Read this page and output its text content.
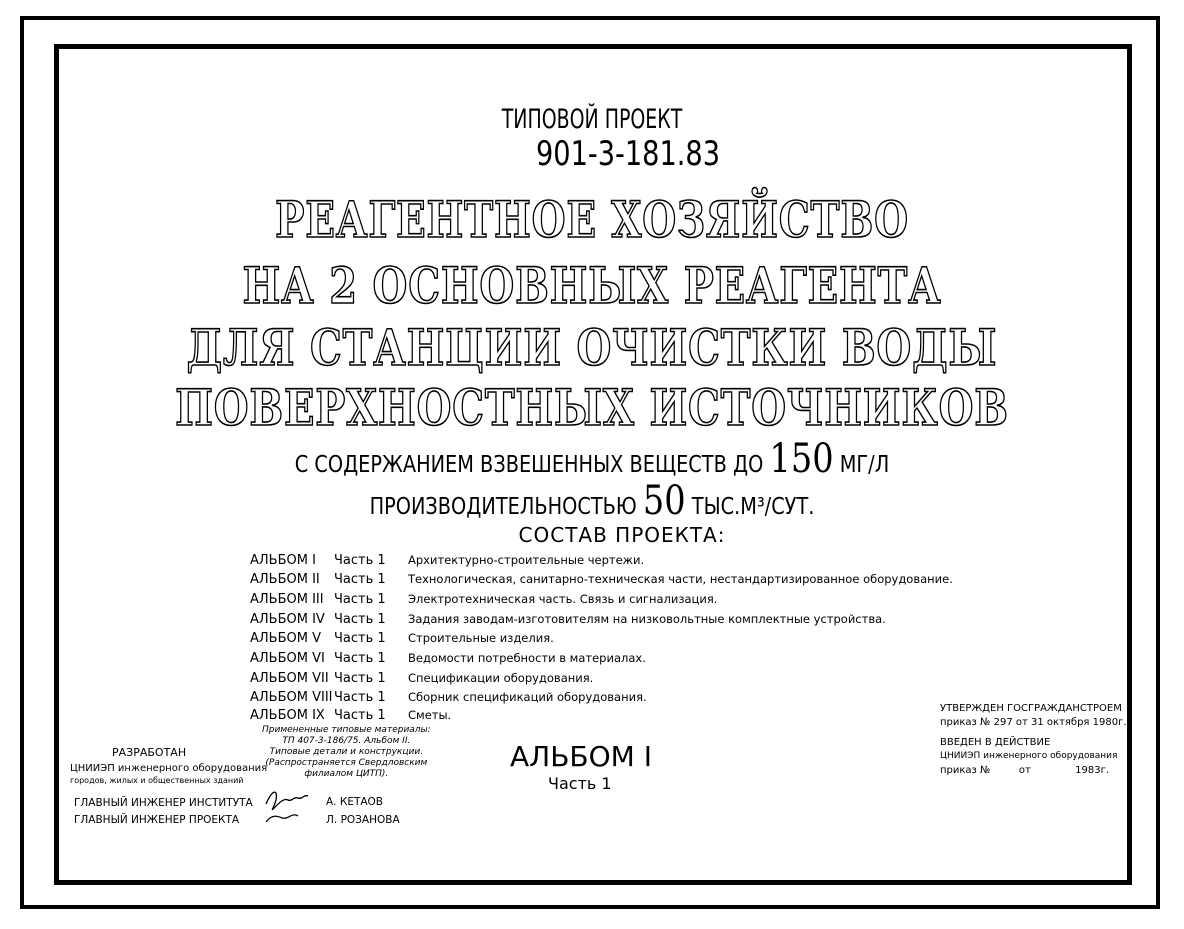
ТИПОВОЙ ПРОЕКТ
901-3-181.83
РЕАГЕНТНОЕ ХОЗЯЙСТВО
НА 2 ОСНОВНЫХ РЕАГЕНТА
ДЛЯ СТАНЦИИ ОЧИСТКИ ВОДЫ
ПОВЕРХНОСТНЫХ ИСТОЧНИКОВ
С СОДЕРЖАНИЕМ ВЗВЕШЕННЫХ ВЕЩЕСТВ ДО 150 МГ/Л
ПРОИЗВОДИТЕЛЬНОСТЬЮ 50 ТЫС.М³/СУТ.
СОСТАВ ПРОЕКТА:
АЛЬБОМ I Часть 1 Архитектурно-строительные чертежи.
АЛЬБОМ II Часть 1 Технологическая, санитарно-техническая части, нестандартизированное оборудование.
АЛЬБОМ III Часть 1 Электротехническая часть. Связь и сигнализация.
АЛЬБОМ IV Часть 1 Задания заводам-изготовителям на низковольтные комплектные устройства.
АЛЬБОМ V Часть 1 Строительные изделия.
АЛЬБОМ VI Часть 1 Ведомости потребности в материалах.
АЛЬБОМ VII Часть 1 Спецификации оборудования.
АЛЬБОМ VIII Часть 1 Сборник спецификаций оборудования.
АЛЬБОМ IX Часть 1 Сметы.
Примененные типовые материалы:
ТП 407-3-186/75. Альбом II.
Типовые детали и конструкции.
(Распространяется Свердловским
филиалом ЦИТП).
РАЗРАБОТАН
ЦНИИЭП инженерного оборудования
городов, жилых и общественных зданий
ГЛАВНЫЙ ИНЖЕНЕР ИНСТИТУТА
ГЛАВНЫЙ ИНЖЕНЕР ПРОЕКТА
А. КЕТАОВ
Л. РОЗАНОВА
АЛЬБОМ I
Часть 1
УТВЕРЖДЕН ГОСГРАЖДАНСТРОЕМ
приказ № 297 от 31 октября 1980г.
ВВЕДЕН В ДЕЙСТВИЕ
ЦНИИЭП инженерного оборудования
приказ №	от	1983г.
